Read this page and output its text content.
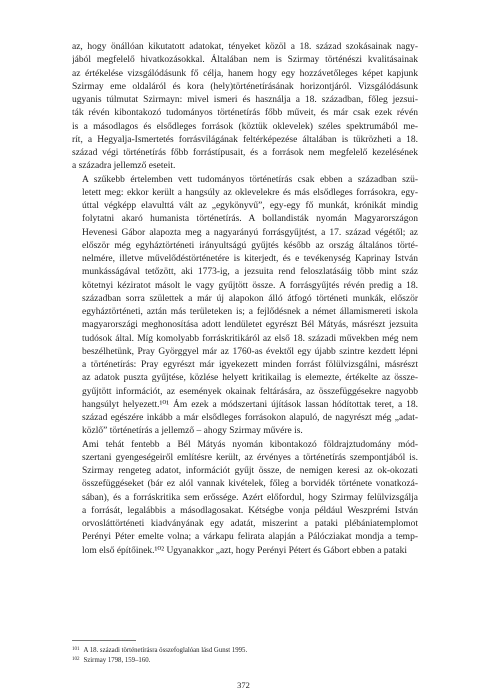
az, hogy önállóan kikutatott adatokat, tényeket közöl a 18. század szokásainak nagy-
jából megfelelő hivatkozásokkal. Általában nem is Szirmay történészi kvalitásainak
az értékelése vizsgálódásunk fő célja, hanem hogy egy hozzávetőleges képet kapjunk
Szirmay eme oldaláról és kora (hely)történetírásának horizontjáról. Vizsgálódásunk
ugyanis túlmutat Szirmayn: mivel ismeri és használja a 18. században, főleg jezsui-
ták révén kibontakozó tudományos történetírás főbb műveit, és már csak ezek révén
is a másodlagos és elsődleges források (köztük oklevelek) széles spektrumából me-
rít, a Hegyalja-Ismertetés forrásvilágának feltérképezése általában is tükrözheti a 18.
század végi történetírás főbb forrástípusait, és a források nem megfelelő kezelésének
a századra jellemző eseteit.

A szűkebb értelemben vett tudományos történetírás csak ebben a században szü-
letett meg: ekkor került a hangsúly az oklevelekre és más elsődleges forrásokra, egy-
úttal végképp elavulttá vált az „egykönyvű”, egy-egy fő munkát, krónikát mindig
folytatni akaró humanista történetírás. A bollandisták nyomán Magyarországon
Hevenesi Gábor alapozta meg a nagyarányú forrásgyűjtést, a 17. század végétől; az
először még egyháztörténeti irányultságú gyűjtés később az ország általános törté-
nelmére, illetve művelődéstörténetére is kiterjedt, és e tevékenység Kaprinay István
munkásságával tetőzött, aki 1773-ig, a jezsuita rend feloszlatásáig több mint száz
kötetnyi kéziratot másolt le vagy gyűjtött össze. A forrásgyűjtés révén predig a 18.
században sorra születtek a már új alapokon álló átfogó történeti munkák, először
egyháztörténeti, aztán más területeken is; a fejlődésnek a német államismereti iskola
magyarországi meghonosítása adott lendületet egyrészt Bél Mátyás, másrészt jezsuita
tudósok által. Míg komolyabb forráskritikáról az első 18. századi művekben még nem
beszélhetünk, Pray Györggyel már az 1760-as évektől egy újabb szintre kezdett lépni
a történetírás: Pray egyrészt már igyekezett minden forrást fölülvizsgálni, másrészt
az adatok puszta gyűjtése, közlése helyett kritikailag is elemezte, értékelte az össze-
gyűjtött információt, az események okainak feltárására, az összefüggésekre nagyobb
hangsúlyt helyezett.¹⁰¹ Ám ezek a módszertani újítások lassan hódítottak teret, a 18.
század egészére inkább a már elsődleges forrásokon alapuló, de nagyrészt még „adat-
közlő” történetírás a jellemző – ahogy Szirmay művére is.

Ami tehát fentebb a Bél Mátyás nyomán kibontakozó földrajztudomány mód-
szertani gyengeségeiről említésre került, az érvényes a történetírás szempontjából is.
Szirmay rengeteg adatot, információt gyűjt össze, de nemigen keresi az ok-okozati
összefüggéseket (bár ez alól vannak kivételek, főleg a borvidék története vonatkozá-
sában), és a forráskritika sem erőssége. Azért előfordul, hogy Szirmay felülvizsgálja
a forrását, legalábbis a másodlagosakat. Kétségbe vonja például Weszprémi István
orvosláttörténeti kiadványának egy adatát, miszerint a pataki plébániatemplomot
Perényi Péter emelte volna; a várkapu felirata alapján a Pálócziakat mondja a temp-
lom első építőinek.¹⁰² Ugyanakkor „azt, hogy Perényi Pétert és Gábort ebben a pataki

$^{101}$ A 18. századi történetírásra összefoglalóan lásd Gunst 1995.
$^{102}$ Szirmay 1798, 159–160.
372
